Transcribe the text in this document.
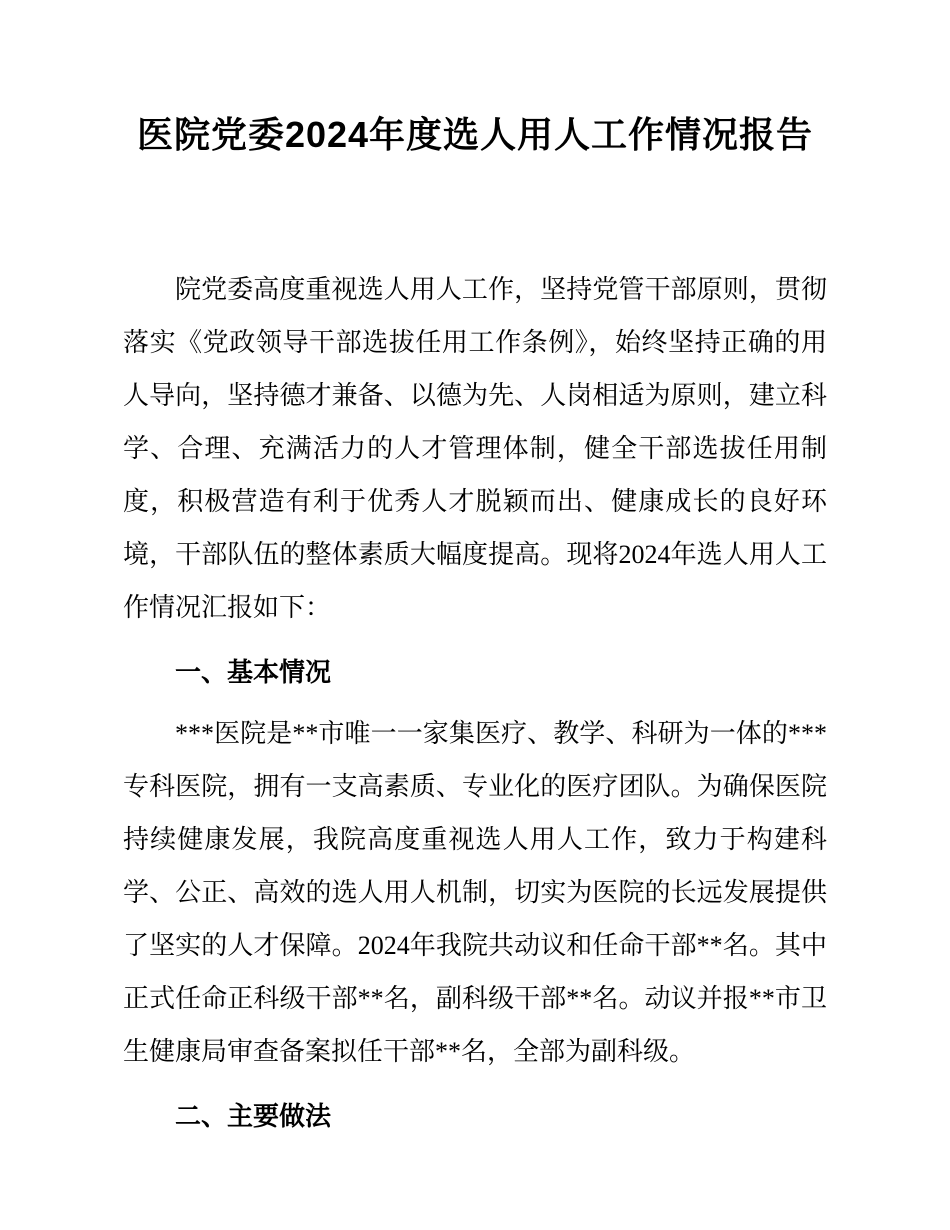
医院党委2024年度选人用人工作情况报告

院党委高度重视选人用人工作，坚持党管干部原则，贯彻落实《党政领导干部选拔任用工作条例》，始终坚持正确的用人导向，坚持德才兼备、以德为先、人岗相适为原则，建立科学、合理、充满活力的人才管理体制，健全干部选拔任用制度，积极营造有利于优秀人才脱颖而出、健康成长的良好环境，干部队伍的整体素质大幅度提高。现将2024年选人用人工作情况汇报如下：

一、基本情况

***医院是**市唯一一家集医疗、教学、科研为一体的***专科医院，拥有一支高素质、专业化的医疗团队。为确保医院持续健康发展，我院高度重视选人用人工作，致力于构建科学、公正、高效的选人用人机制，切实为医院的长远发展提供了坚实的人才保障。2024年我院共动议和任命干部**名。其中正式任命正科级干部**名，副科级干部**名。动议并报**市卫生健康局审查备案拟任干部**名，全部为副科级。

二、主要做法
